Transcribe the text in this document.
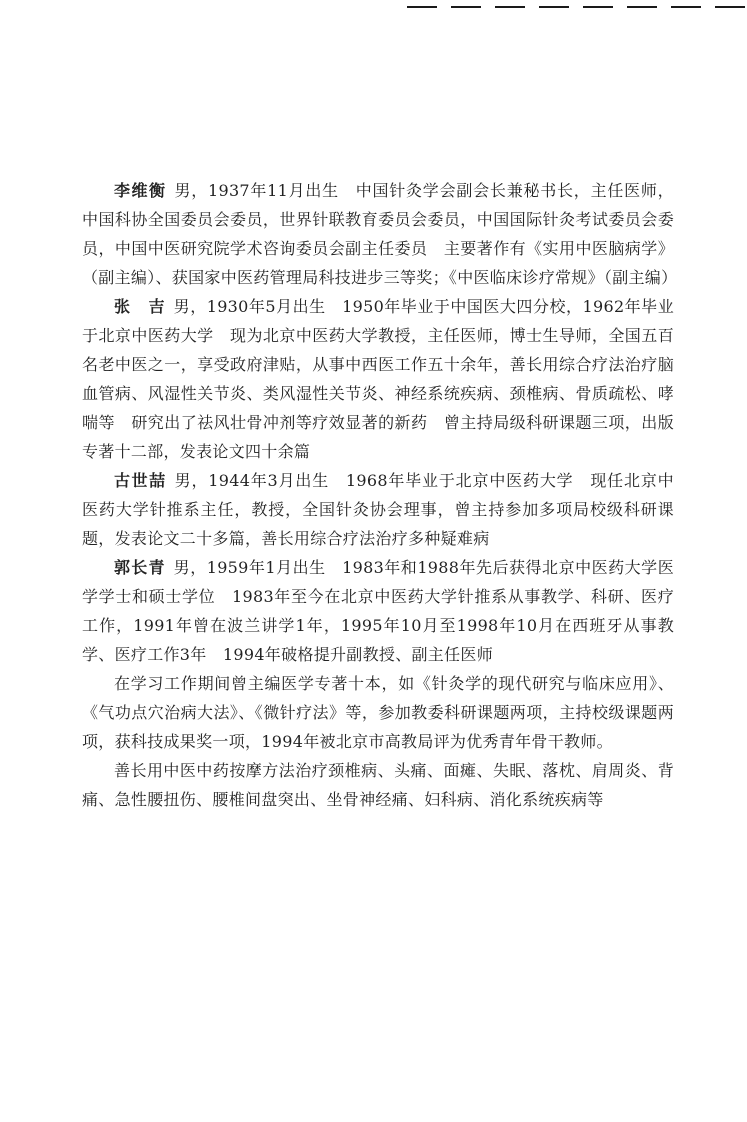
李维衡 男，1937年11月出生　中国针灸学会副会长兼秘书长，主任医师，中国科协全国委员会委员，世界针联教育委员会委员，中国国际针灸考试委员会委员，中国中医研究院学术咨询委员会副主任委员　主要著作有《实用中医脑病学》（副主编）、获国家中医药管理局科技进步三等奖；《中医临床诊疗常规》（副主编）

张　吉 男，1930年5月出生　1950年毕业于中国医大四分校，1962年毕业于北京中医药大学　现为北京中医药大学教授，主任医师，博士生导师，全国五百名老中医之一，享受政府津贴，从事中西医工作五十余年，善长用综合疗法治疗脑血管病、风湿性关节炎、类风湿性关节炎、神经系统疾病、颈椎病、骨质疏松、哮喘等　研究出了祛风壮骨冲剂等疗效显著的新药　曾主持局级科研课题三项，出版专著十二部，发表论文四十余篇

古世喆 男，1944年3月出生　1968年毕业于北京中医药大学　现任北京中医药大学针推系主任，教授，全国针灸协会理事，曾主持参加多项局校级科研课题，发表论文二十多篇，善长用综合疗法治疗多种疑难病

郭长青 男，1959年1月出生　1983年和1988年先后获得北京中医药大学医学学士和硕士学位　1983年至今在北京中医药大学针推系从事教学、科研、医疗工作，1991年曾在波兰讲学1年，1995年10月至1998年10月在西班牙从事教学、医疗工作3年　1994年破格提升副教授、副主任医师

在学习工作期间曾主编医学专著十本，如《针灸学的现代研究与临床应用》、《气功点穴治病大法》、《微针疗法》等，参加教委科研课题两项，主持校级课题两项，获科技成果奖一项，1994年被北京市高教局评为优秀青年骨干教师。

善长用中医中药按摩方法治疗颈椎病、头痛、面瘫、失眠、落枕、肩周炎、背痛、急性腰扭伤、腰椎间盘突出、坐骨神经痛、妇科病、消化系统疾病等
